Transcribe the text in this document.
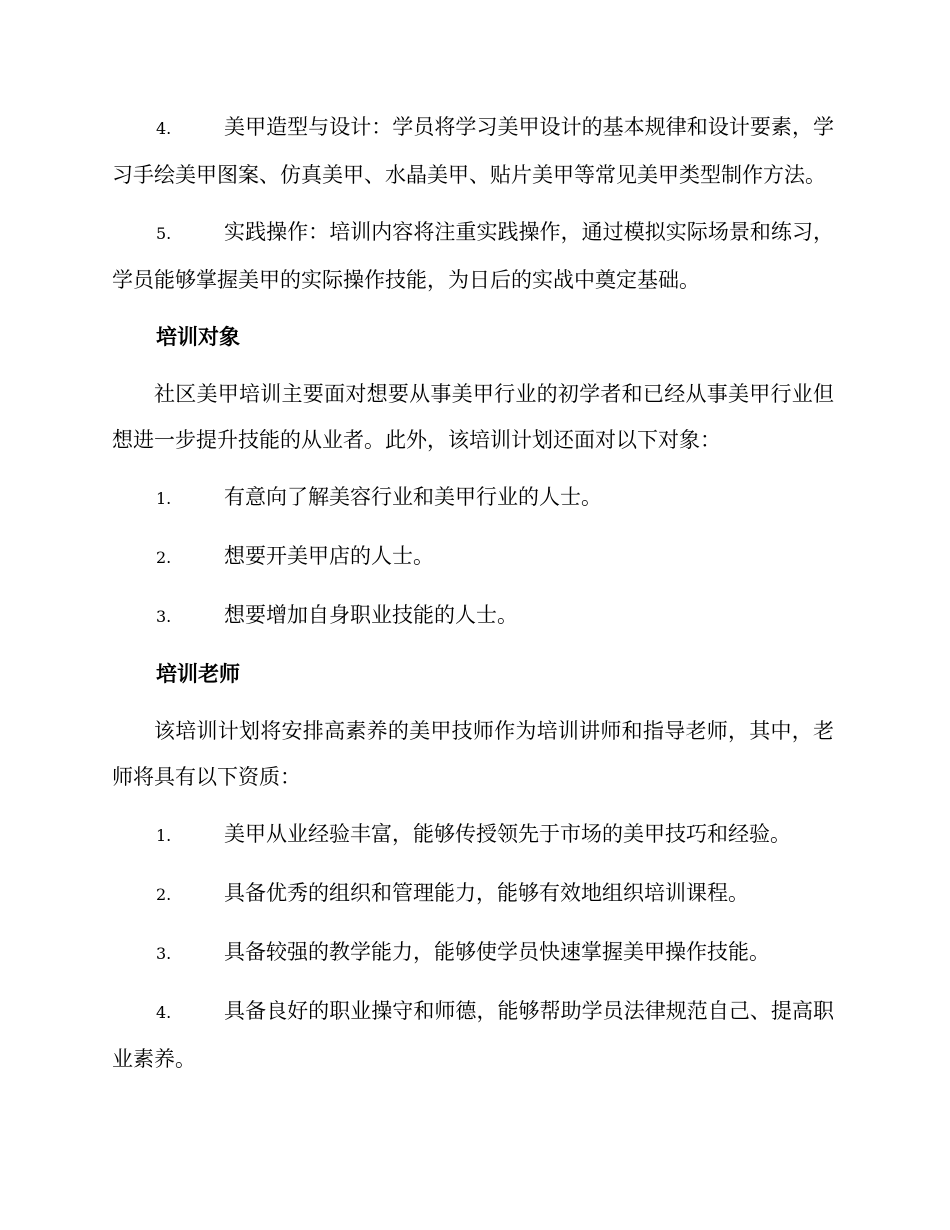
4.	美甲造型与设计：学员将学习美甲设计的基本规律和设计要素，学习手绘美甲图案、仿真美甲、水晶美甲、贴片美甲等常见美甲类型制作方法。
5.	实践操作：培训内容将注重实践操作，通过模拟实际场景和练习，学员能够掌握美甲的实际操作技能，为日后的实战中奠定基础。
培训对象

社区美甲培训主要面对想要从事美甲行业的初学者和已经从事美甲行业但想进一步提升技能的从业者。此外，该培训计划还面对以下对象：

1.	有意向了解美容行业和美甲行业的人士。
2.	想要开美甲店的人士。
3.	想要增加自身职业技能的人士。
培训老师

该培训计划将安排高素养的美甲技师作为培训讲师和指导老师，其中，老师将具有以下资质：

1.	美甲从业经验丰富，能够传授领先于市场的美甲技巧和经验。
2.	具备优秀的组织和管理能力，能够有效地组织培训课程。
3.	具备较强的教学能力，能够使学员快速掌握美甲操作技能。
4.	具备良好的职业操守和师德，能够帮助学员法律规范自己、提高职业素养。
